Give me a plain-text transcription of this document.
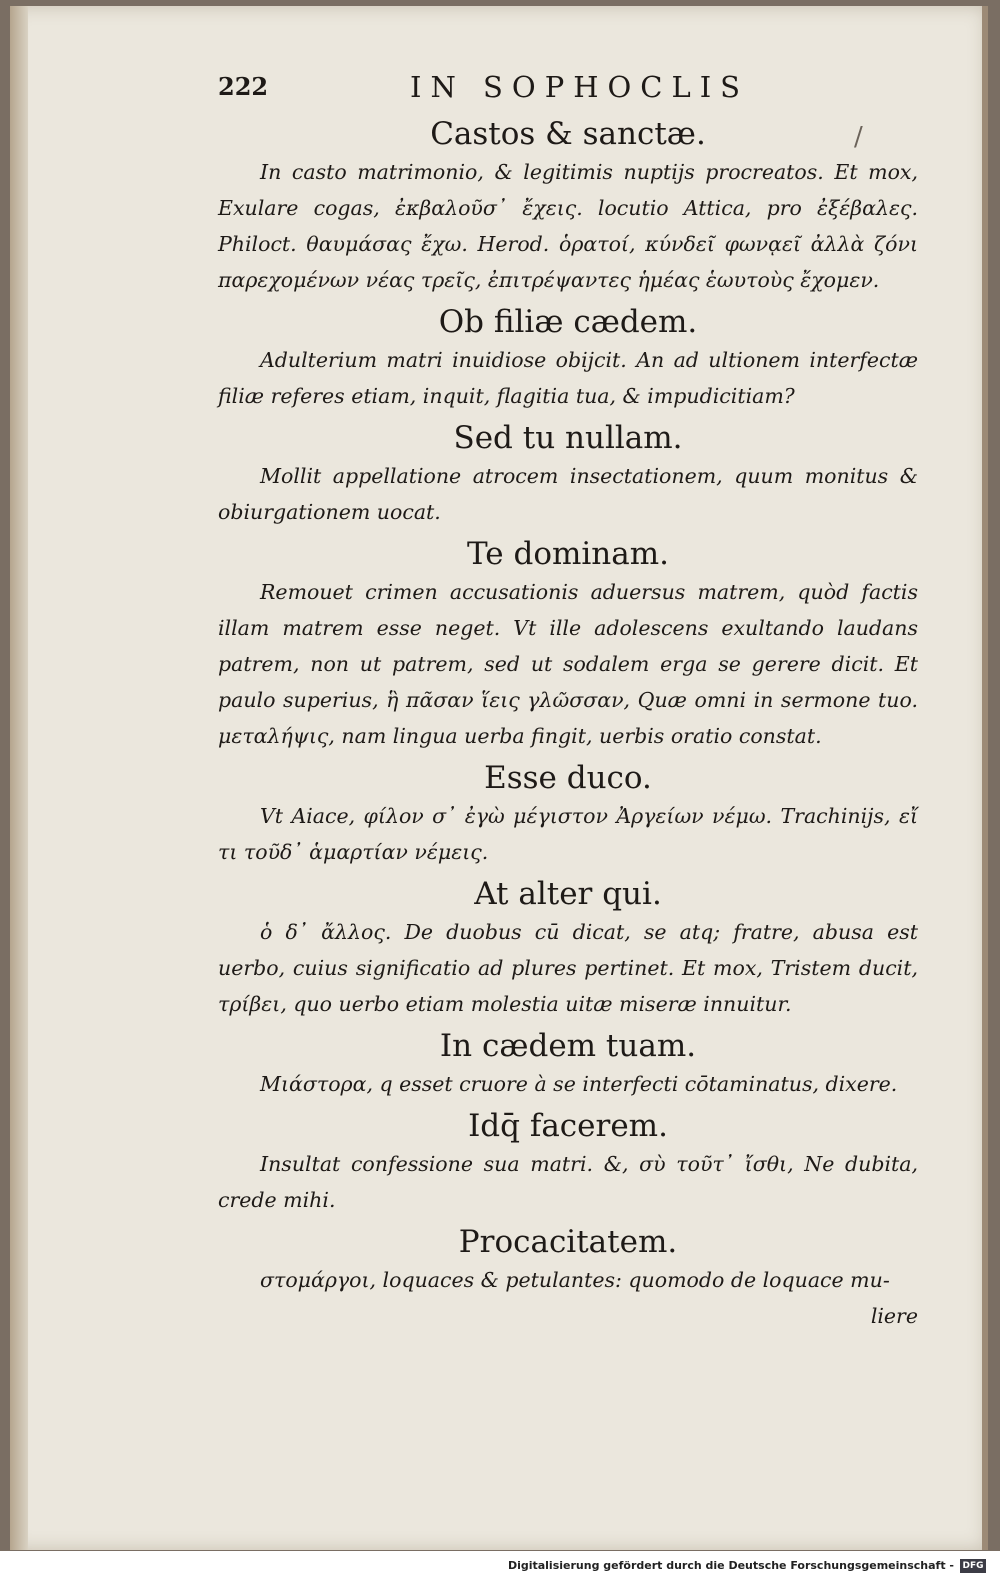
222	IN SOPHOCLIS
/
Castos & sanctæ.

In casto matrimonio, & legitimis nuptijs procreatos. Et mox, Exulare cogas, ἐκβαλοῦσ᾽ ἔχεις. locutio Attica, pro ἐξέβαλες. Philoct. θαυμάσας ἔχω. Herod. ὁρατοί, κύνδεῖ φωνᾳεῖ ἀλλὰ ζόνι παρεχομένων νέας τρεῖς, ἐπιτρέψαντες ἡμέας ἑωυτοὺς ἔχομεν.

Ob filiæ cædem.

Adulterium matri inuidiose obijcit. An ad ultionem interfectæ filiæ referes etiam, inquit, flagitia tua, & impudicitiam?

Sed tu nullam.

Mollit appellatione atrocem insectationem, quum monitus & obiurgationem uocat.

Te dominam.

Remouet crimen accusationis aduersus matrem, quòd factis illam matrem esse neget. Vt ille adolescens exultando laudans patrem, non ut patrem, sed ut sodalem erga se gerere dicit. Et paulo superius, ἣ πᾶσαν ἵεις γλῶσσαν, Quæ omni in sermone tuo. μεταλήψις, nam lingua uerba fingit, uerbis oratio constat.

Esse duco.

Vt Aiace, φίλον σ᾽ ἐγὼ μέγιστον Ἀργείων νέμω. Trachinijs, εἴ τι τοῦδ᾽ ἁμαρτίαν νέμεις.

At alter qui.

ὁ δ᾽ ἄλλος. De duobus cū dicat, se atq; fratre, abusa est uerbo, cuius significatio ad plures pertinet. Et mox, Tristem ducit, τρίβει, quo uerbo etiam molestia uitæ miseræ innuitur.

In cædem tuam.

Μιάστορα, q esset cruore à se interfecti cōtaminatus, dixere.

Idq̄ facerem.

Insultat confessione sua matri. &, σὺ τοῦτ᾽ ἴσθι, Ne dubita, crede mihi.

Procacitatem.

στομάργοι, loquaces & petulantes: quomodo de loquace mu-

liere

Digitalisierung gefördert durch die Deutsche Forschungsgemeinschaft - DFG
